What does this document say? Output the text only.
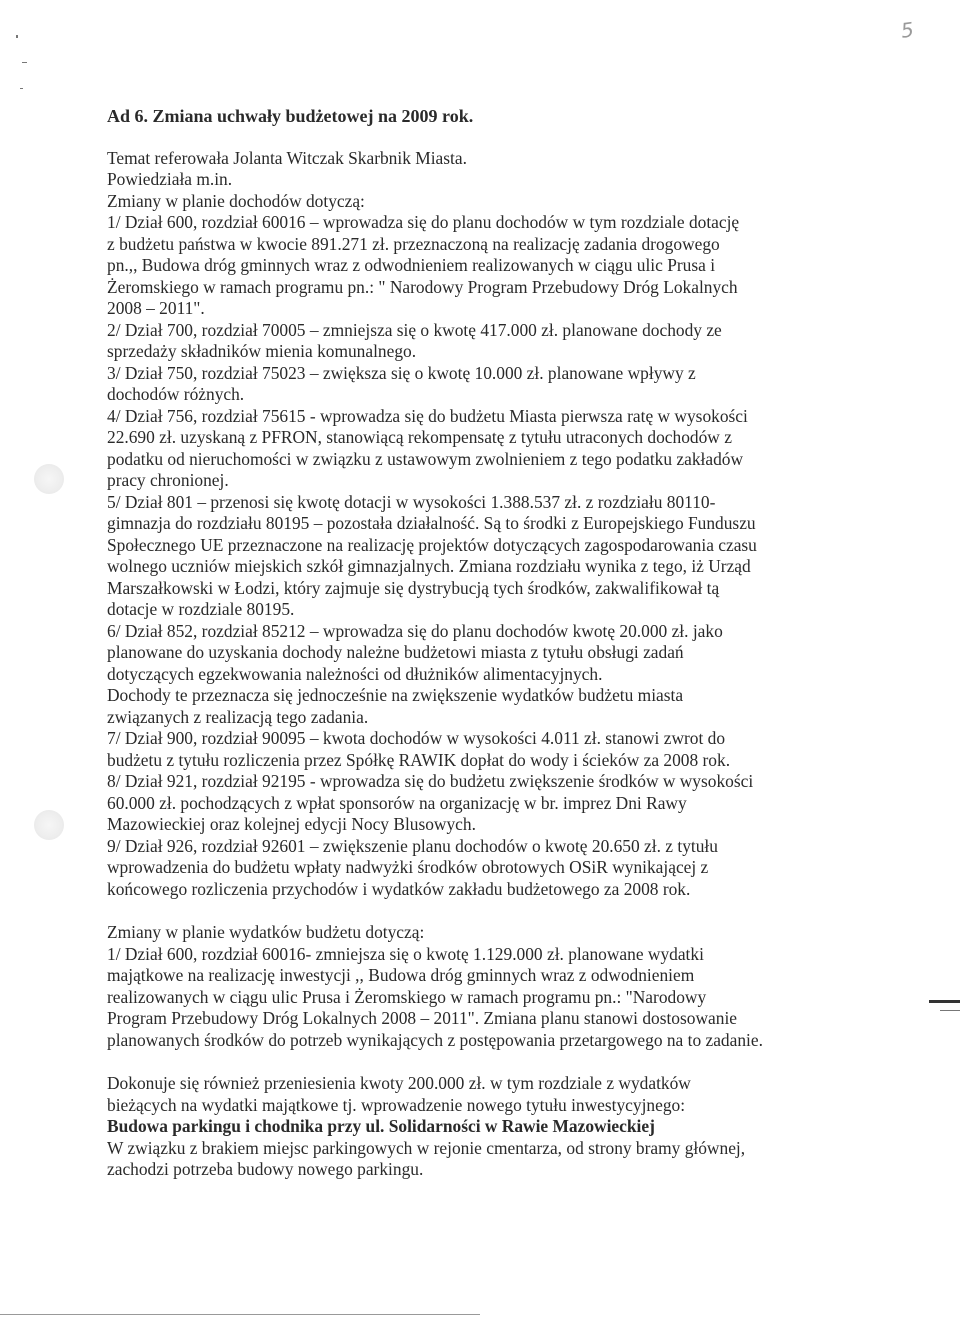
5

Ad 6. Zmiana uchwały budżetowej na 2009 rok.

Temat referowała Jolanta Witczak Skarbnik Miasta.

Powiedziała m.in.

Zmiany w planie dochodów dotyczą:

1/ Dział 600, rozdział 60016 – wprowadza się do planu dochodów w tym rozdziale dotację

z budżetu państwa w kwocie 891.271 zł. przeznaczoną na realizację zadania drogowego

pn.,, Budowa dróg gminnych wraz z odwodnieniem realizowanych w ciągu ulic Prusa i

Żeromskiego w ramach programu pn.: " Narodowy Program Przebudowy Dróg Lokalnych

2008 – 2011".

2/ Dział 700, rozdział 70005 – zmniejsza się o kwotę 417.000 zł. planowane dochody ze

sprzedaży składników mienia komunalnego.

3/ Dział 750, rozdział 75023 – zwiększa się o kwotę 10.000 zł. planowane wpływy z

dochodów różnych.

4/ Dział 756, rozdział 75615 - wprowadza się do budżetu Miasta pierwsza ratę w wysokości

22.690 zł. uzyskaną z PFRON, stanowiącą rekompensatę z tytułu utraconych dochodów z

podatku od nieruchomości w związku z ustawowym zwolnieniem z tego podatku zakładów

pracy chronionej.

5/ Dział 801 – przenosi się kwotę dotacji w wysokości 1.388.537 zł. z rozdziału 80110-

gimnazja do rozdziału 80195 – pozostała działalność. Są to środki z Europejskiego Funduszu

Społecznego UE przeznaczone na realizację projektów dotyczących zagospodarowania czasu

wolnego uczniów miejskich szkół gimnazjalnych. Zmiana rozdziału wynika z tego, iż Urząd

Marszałkowski w Łodzi, który zajmuje się dystrybucją tych środków, zakwalifikował tą

dotacje w rozdziale 80195.

6/ Dział 852, rozdział 85212 – wprowadza się do planu dochodów kwotę 20.000 zł. jako

planowane do uzyskania dochody należne budżetowi miasta z tytułu obsługi zadań

dotyczących egzekwowania należności od dłużników alimentacyjnych.

Dochody te przeznacza się jednocześnie na zwiększenie wydatków budżetu miasta

związanych z realizacją tego zadania.

7/ Dział 900, rozdział 90095 – kwota dochodów w wysokości 4.011 zł. stanowi zwrot do

budżetu z tytułu rozliczenia przez Spółkę RAWIK dopłat do wody i ścieków za 2008 rok.

8/ Dział 921, rozdział 92195 - wprowadza się do budżetu zwiększenie środków w wysokości

60.000 zł. pochodzących z wpłat sponsorów na organizację w br. imprez Dni Rawy

Mazowieckiej oraz kolejnej edycji Nocy Blusowych.

9/ Dział 926, rozdział 92601 – zwiększenie planu dochodów o kwotę 20.650 zł. z tytułu

wprowadzenia do budżetu wpłaty nadwyżki środków obrotowych OSiR wynikającej z

końcowego rozliczenia przychodów i wydatków zakładu budżetowego za 2008 rok.

Zmiany w planie wydatków budżetu dotyczą:

1/ Dział 600, rozdział 60016- zmniejsza się o kwotę 1.129.000 zł. planowane wydatki

majątkowe na realizację inwestycji ,, Budowa dróg gminnych wraz z odwodnieniem

realizowanych w ciągu ulic Prusa i Żeromskiego w ramach programu pn.: "Narodowy

Program Przebudowy Dróg Lokalnych 2008 – 2011". Zmiana planu stanowi dostosowanie

planowanych środków do potrzeb wynikających z postępowania przetargowego na to zadanie.

Dokonuje się również przeniesienia kwoty 200.000 zł. w tym rozdziale z wydatków

bieżących na wydatki majątkowe tj. wprowadzenie nowego tytułu inwestycyjnego:

Budowa parkingu i chodnika przy ul. Solidarności w Rawie Mazowieckiej

W związku z brakiem miejsc parkingowych w rejonie cmentarza, od strony bramy głównej,

zachodzi potrzeba budowy nowego parkingu.
